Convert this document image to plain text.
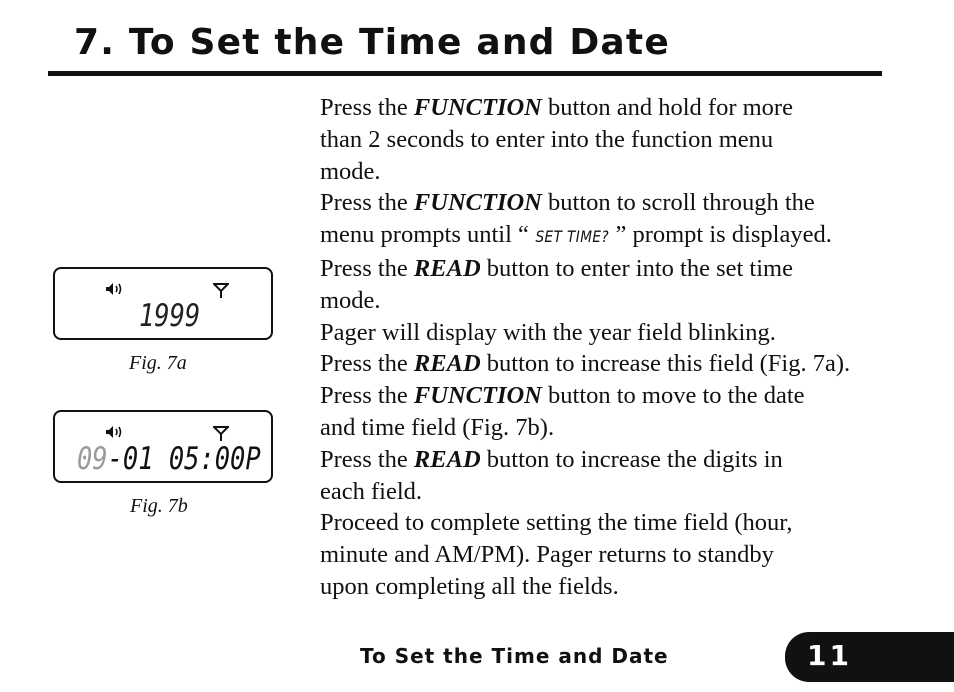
7. To Set the Time and Date
1999
Fig. 7a
09-01 05:00P
Fig. 7b

Press the FUNCTION button and hold for more
than 2 seconds to enter into the function menu
mode.

Press the FUNCTION button to scroll through the
menu prompts until “ SET TIME? ” prompt is displayed.

Press the READ button to enter into the set time
mode.

Pager will display with the year field blinking.

Press the READ button to increase this field (Fig. 7a).

Press the FUNCTION button to move to the date
and time field (Fig. 7b).

Press the READ button to increase the digits in
each field.

Proceed to complete setting the time field (hour,
minute and AM/PM). Pager returns to standby
upon completing all the fields.

To Set the Time and Date	11
